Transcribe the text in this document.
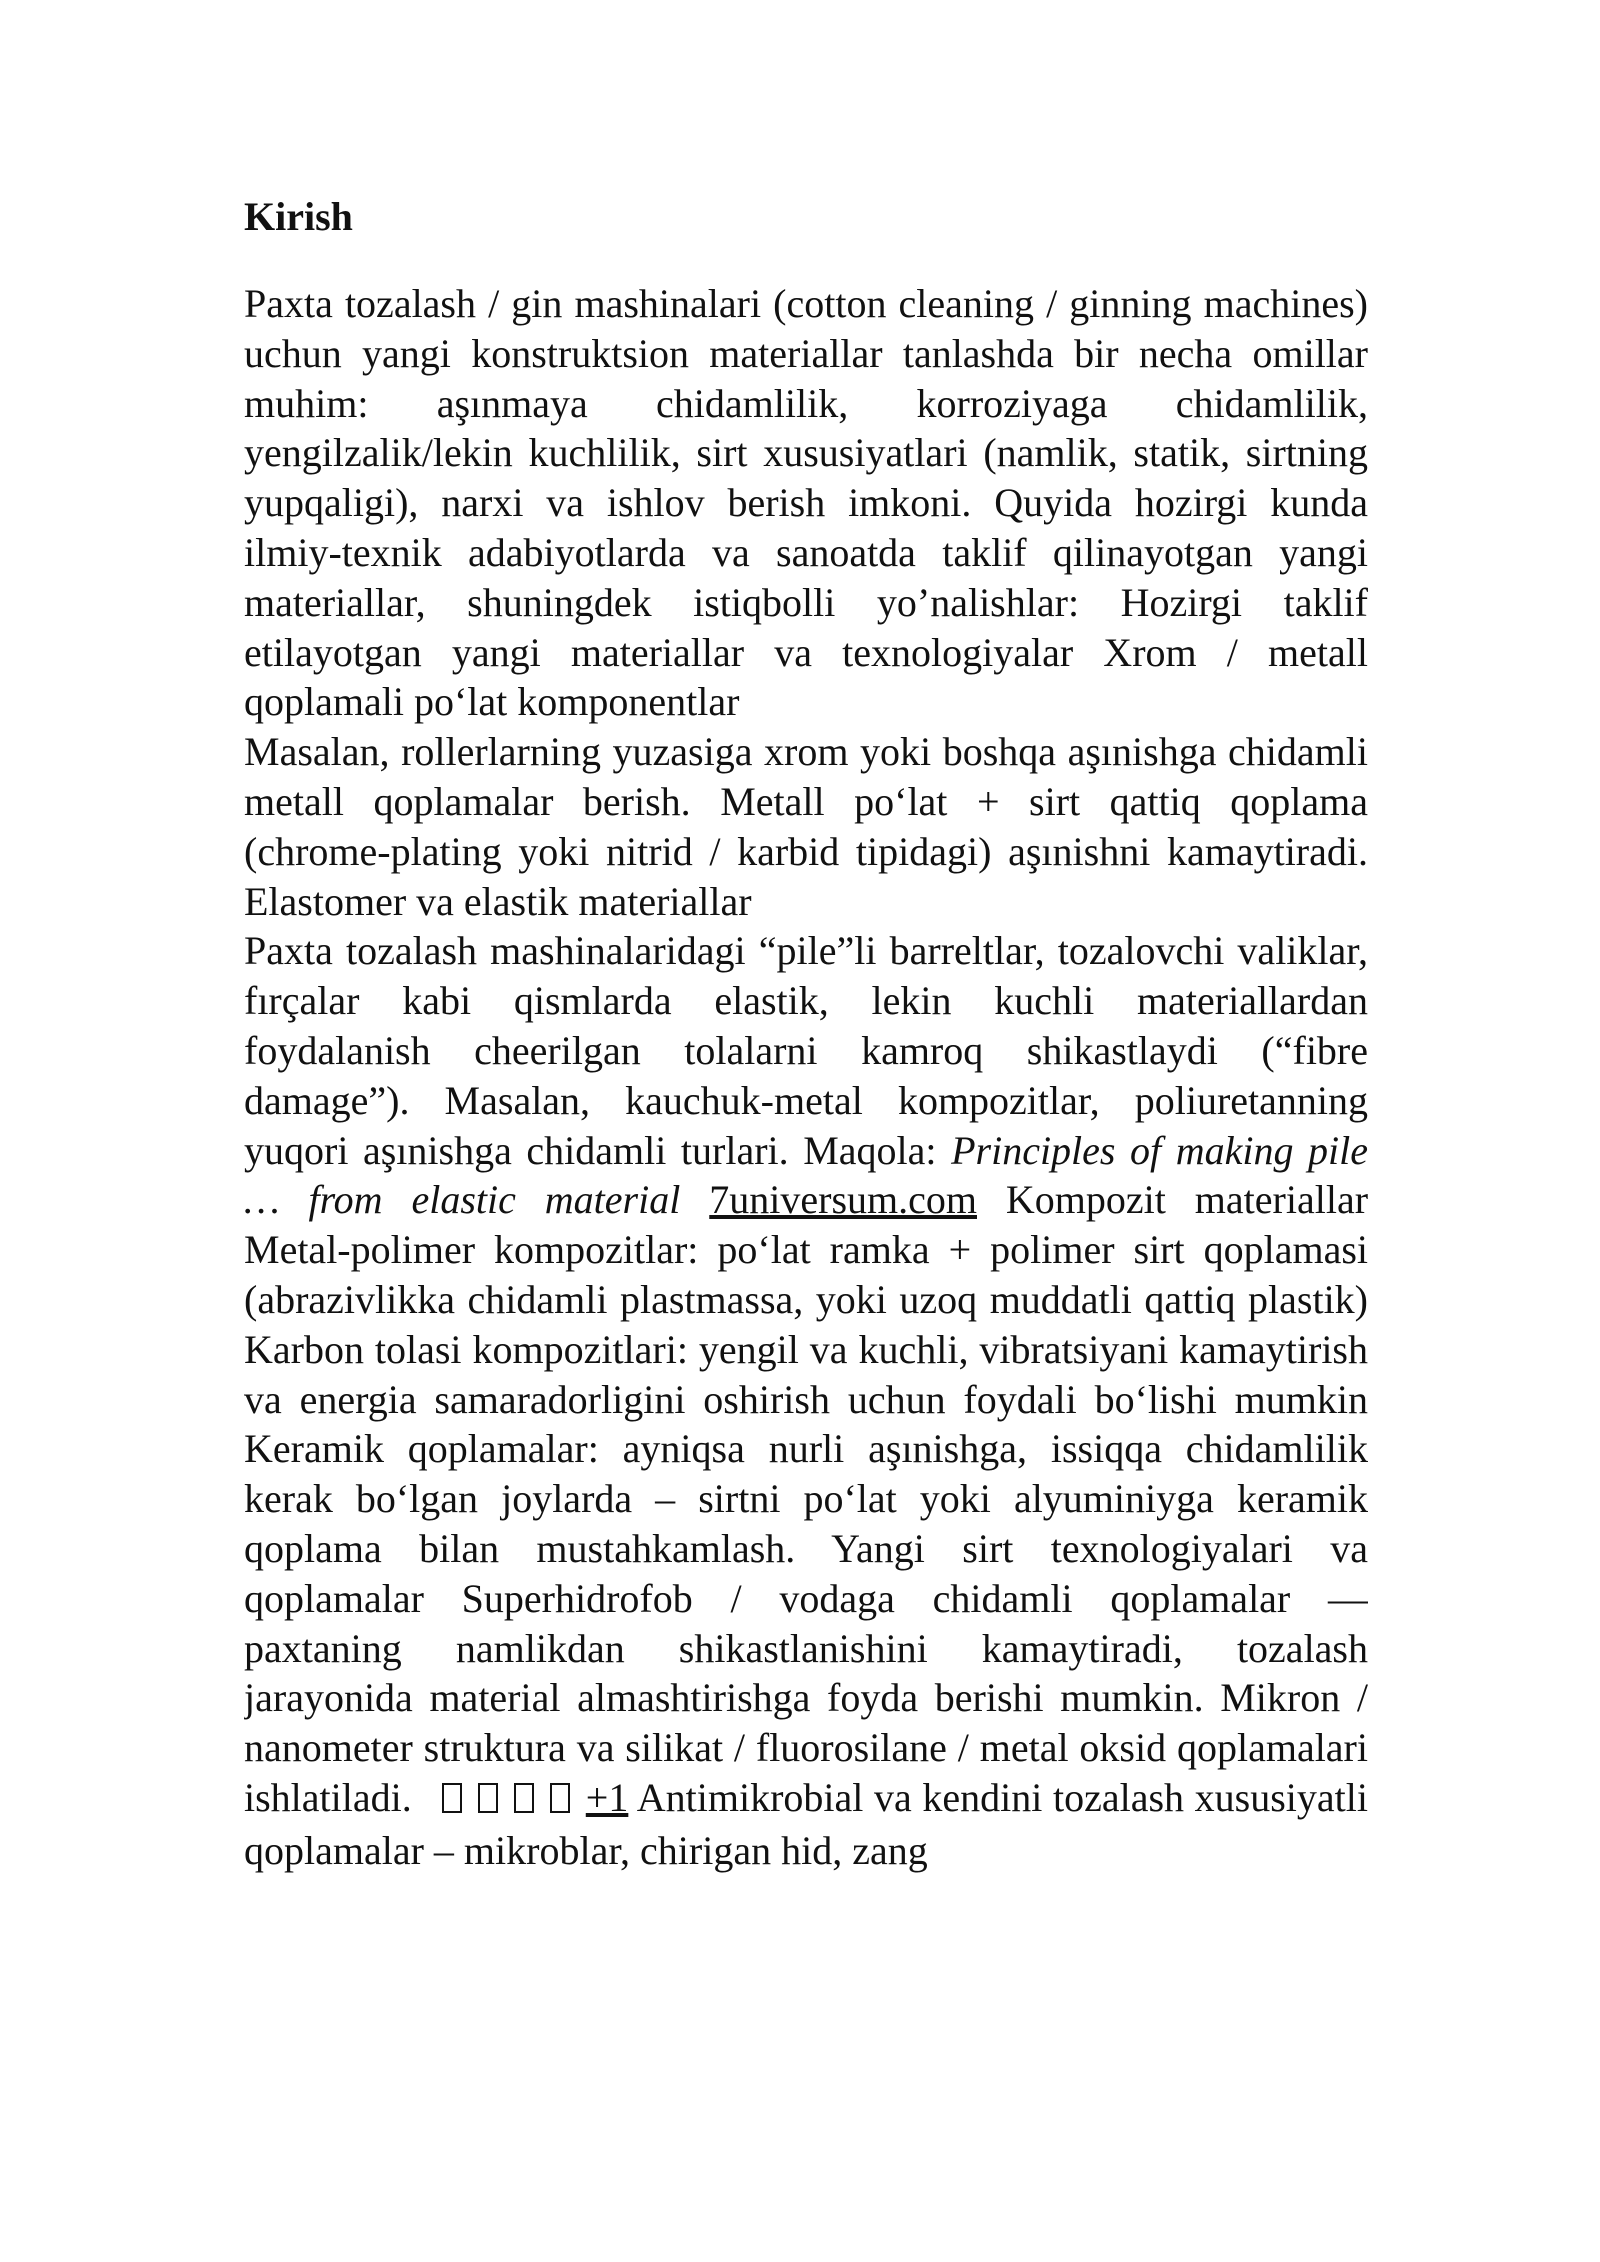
Kirish

Paxta tozalash / gin mashinalari (cotton cleaning / ginning machines) uchun yangi konstruktsion materiallar tanlashda bir necha omillar muhim: aşınmaya chidamlilik, korroziyaga chidamlilik, yengilzalik/lekin kuchlilik, sirt xususiyatlari (namlik, statik, sirtning yupqaligi), narxi va ishlov berish imkoni. Quyida hozirgi kunda ilmiy-texnik adabiyotlarda va sanoatda taklif qilinayotgan yangi materiallar, shuningdek istiqbolli yo’nalishlar: Hozirgi taklif etilayotgan yangi materiallar va texnologiyalar Xrom / metall qoplamali po‘lat komponentlar

Masalan, rollerlarning yuzasiga xrom yoki boshqa aşınishga chidamli metall qoplamalar berish. Metall po‘lat + sirt qattiq qoplama (chrome-plating yoki nitrid / karbid tipidagi) aşınishni kamaytiradi. Elastomer va elastik materiallar

Paxta tozalash mashinalaridagi “pile”li barreltlar, tozalovchi valiklar, fırçalar kabi qismlarda elastik, lekin kuchli materiallardan foydalanish cheerilgan tolalarni kamroq shikastlaydi (“fibre damage”). Masalan, kauchuk-metal kompozitlar, poliuretanning yuqori aşınishga chidamli turlari. Maqola: Principles of making pile … from elastic material 7universum.com Kompozit materiallar Metal-polimer kompozitlar: po‘lat ramka + polimer sirt qoplamasi (abrazivlikka chidamli plastmassa, yoki uzoq muddatli qattiq plastik) Karbon tolasi kompozitlari: yengil va kuchli, vibratsiyani kamaytirish va energia samaradorligini oshirish uchun foydali bo‘lishi mumkin Keramik qoplamalar: ayniqsa nurli aşınishga, issiqqa chidamlilik kerak bo‘lgan joylarda – sirtni po‘lat yoki alyuminiyga keramik qoplama bilan mustahkamlash. Yangi sirt texnologiyalari va qoplamalar Superhidrofob / vodaga chidamli qoplamalar — paxtaning namlikdan shikastlanishini kamaytiradi, tozalash jarayonida material almashtirishga foyda berishi mumkin. Mikron / nanometer struktura va silikat / fluorosilane / metal oksid qoplamalari ishlatiladi.	+1 Antimikrobial va kendini tozalash xususiyatli qoplamalar – mikroblar, chirigan hid, zang
